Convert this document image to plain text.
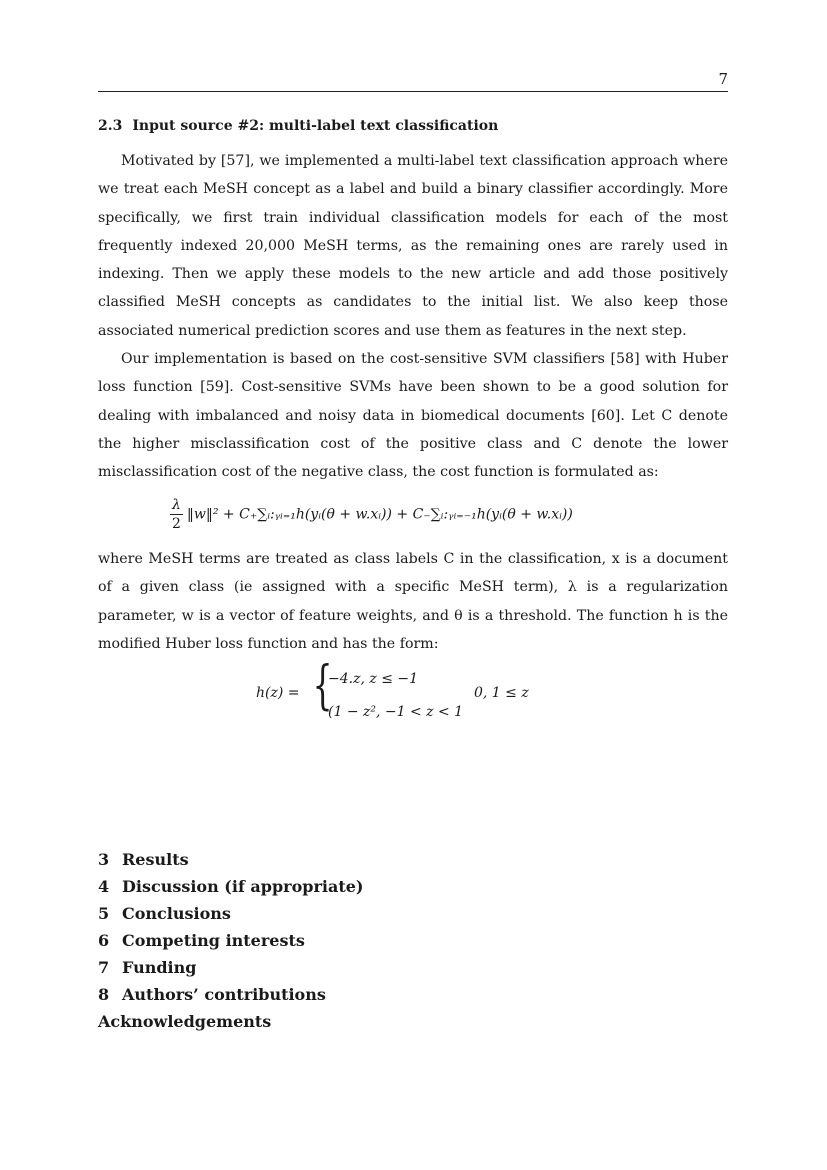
7
2.3 Input source #2: multi-label text classification

Motivated by [57], we implemented a multi-label text classification approach where we treat each MeSH concept as a label and build a binary classifier accordingly. More specifically, we first train individual classification models for each of the most frequently indexed 20,000 MeSH terms, as the remaining ones are rarely used in indexing. Then we apply these models to the new article and add those positively classified MeSH concepts as candidates to the initial list. We also keep those associated numerical prediction scores and use them as features in the next step.

Our implementation is based on the cost-sensitive SVM classifiers [58] with Huber loss function [59]. Cost-sensitive SVMs have been shown to be a good solution for dealing with imbalanced and noisy data in biomedical documents [60]. Let C denote the higher misclassification cost of the positive class and C denote the lower misclassification cost of the negative class, the cost function is formulated as:

$\frac{\lambda}{2}$ ‖w‖² + C₊∑ᵢ:ᵧᵢ₌₁h(yᵢ(θ + w.xᵢ)) + C₋∑ᵢ:ᵧᵢ₌₋₁h(yᵢ(θ + w.xᵢ))

where MeSH terms are treated as class labels C in the classification, x is a document of a given class (ie assigned with a specific MeSH term), λ is a regularization parameter, w is a vector of feature weights, and θ is a threshold. The function h is the modified Huber loss function and has the form:

h(z) = {
−4.z, z ≤ −1
(1 − z², −1 < z < 1
0, 1 ≤ z
3 Results
4 Discussion (if appropriate)
5 Conclusions
6 Competing interests
7 Funding
8 Authors’ contributions
Acknowledgements
